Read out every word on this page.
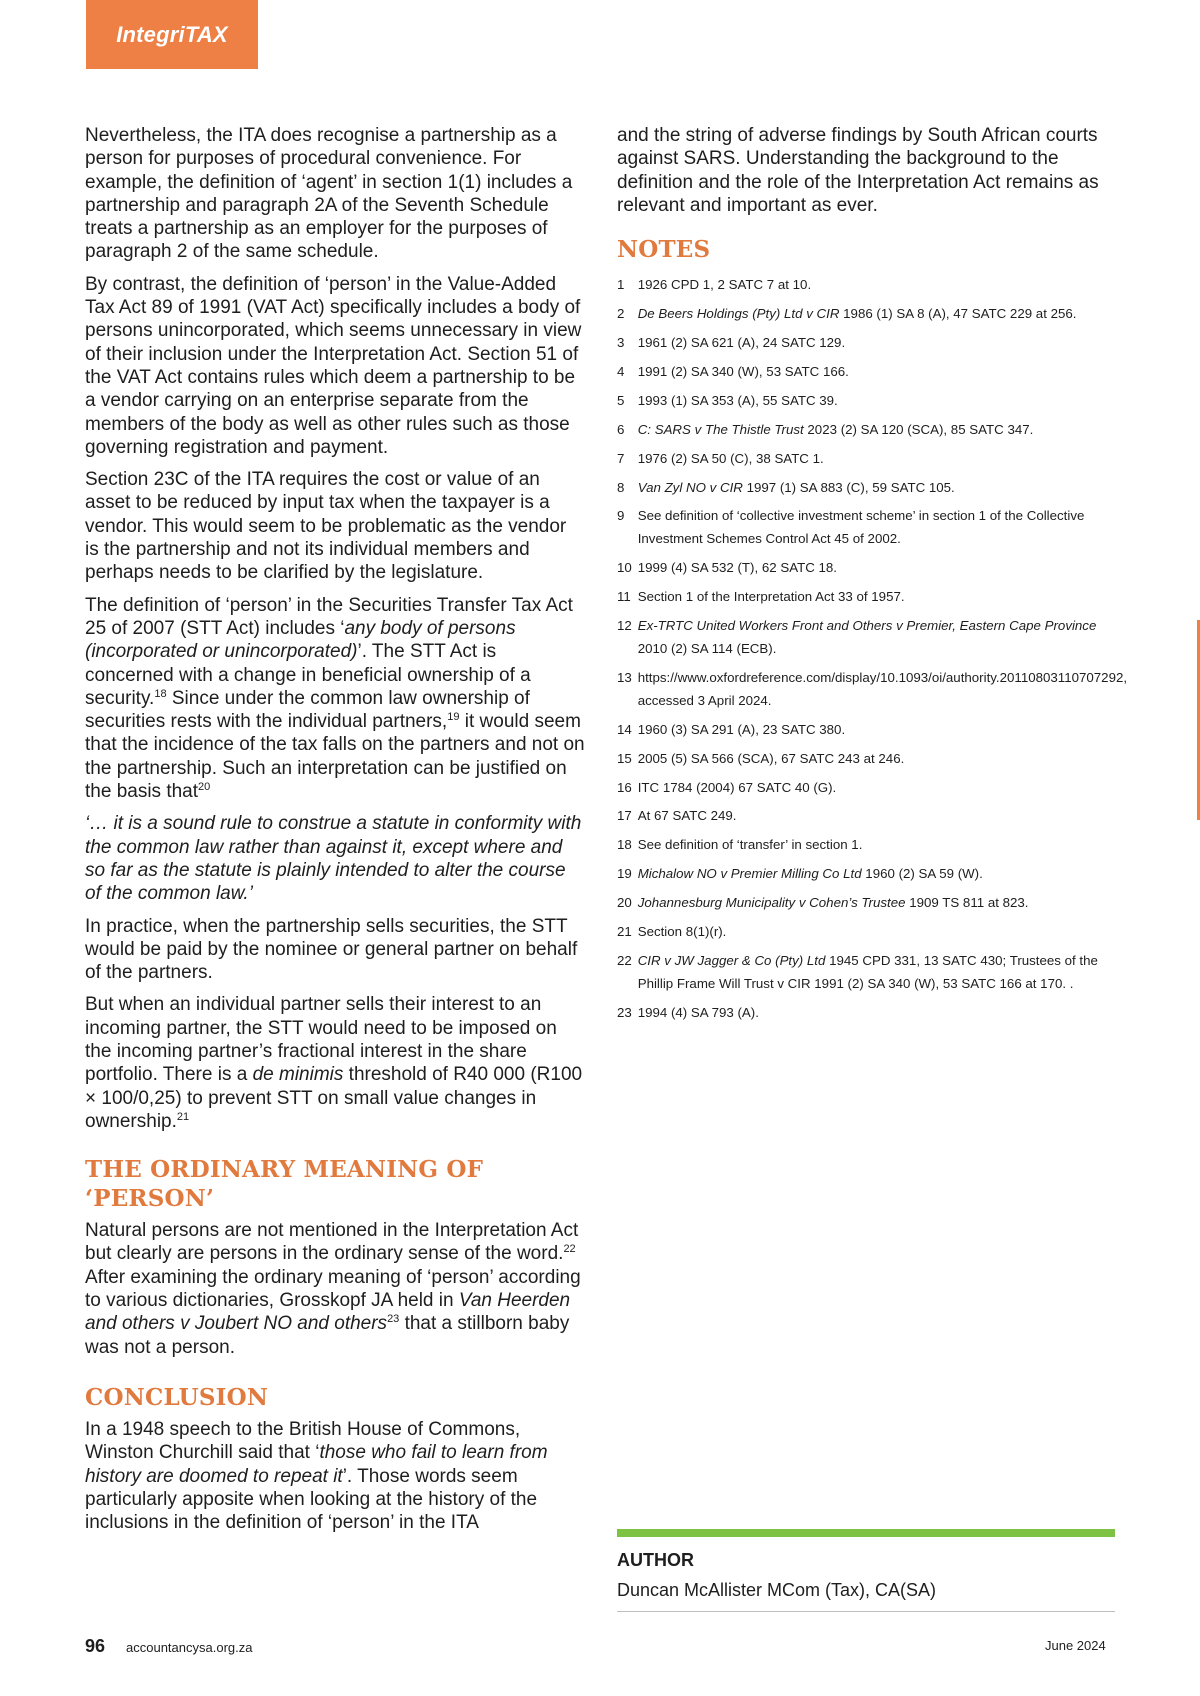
IntegriTAX

Nevertheless, the ITA does recognise a partnership as a person for purposes of procedural convenience. For example, the definition of ‘agent’ in section 1(1) includes a partnership and paragraph 2A of the Seventh Schedule treats a partnership as an employer for the purposes of paragraph 2 of the same schedule.

By contrast, the definition of ‘person’ in the Value-Added Tax Act 89 of 1991 (VAT Act) specifically includes a body of persons unincorporated, which seems unnecessary in view of their inclusion under the Interpretation Act. Section 51 of the VAT Act contains rules which deem a partnership to be a vendor carrying on an enterprise separate from the members of the body as well as other rules such as those governing registration and payment.

Section 23C of the ITA requires the cost or value of an asset to be reduced by input tax when the taxpayer is a vendor. This would seem to be problematic as the vendor is the partnership and not its individual members and perhaps needs to be clarified by the legislature.

The definition of ‘person’ in the Securities Transfer Tax Act 25 of 2007 (STT Act) includes ‘any body of persons (incorporated or unincorporated)’. The STT Act is concerned with a change in beneficial ownership of a security.$^{18}$ Since under the common law ownership of securities rests with the individual partners,$^{19}$ it would seem that the incidence of the tax falls on the partners and not on the partnership. Such an interpretation can be justified on the basis that$^{20}$

‘… it is a sound rule to construe a statute in conformity with the common law rather than against it, except where and so far as the statute is plainly intended to alter the course of the common law.’

In practice, when the partnership sells securities, the STT would be paid by the nominee or general partner on behalf of the partners.

But when an individual partner sells their interest to an incoming partner, the STT would need to be imposed on the incoming partner’s fractional interest in the share portfolio. There is a de minimis threshold of R40 000 (R100 × 100/0,25) to prevent STT on small value changes in ownership.$^{21}$

THE ORDINARY MEANING OF ‘PERSON’

Natural persons are not mentioned in the Interpretation Act but clearly are persons in the ordinary sense of the word.$^{22}$ After examining the ordinary meaning of ‘person’ according to various dictionaries, Grosskopf JA held in Van Heerden and others v Joubert NO and others$^{23}$ that a stillborn baby was not a person.

CONCLUSION

In a 1948 speech to the British House of Commons, Winston Churchill said that ‘those who fail to learn from history are doomed to repeat it’. Those words seem particularly apposite when looking at the history of the inclusions in the definition of ‘person’ in the ITA

and the string of adverse findings by South African courts against SARS. Understanding the background to the definition and the role of the Interpretation Act remains as relevant and important as ever.

NOTES
1
1926 CPD 1, 2 SATC 7 at 10.
2
De Beers Holdings (Pty) Ltd v CIR 1986 (1) SA 8 (A), 47 SATC 229 at 256.
3
1961 (2) SA 621 (A), 24 SATC 129.
4
1991 (2) SA 340 (W), 53 SATC 166.
5
1993 (1) SA 353 (A), 55 SATC 39.
6
C: SARS v The Thistle Trust 2023 (2) SA 120 (SCA), 85 SATC 347.
7
1976 (2) SA 50 (C), 38 SATC 1.
8
Van Zyl NO v CIR 1997 (1) SA 883 (C), 59 SATC 105.
9
See definition of ‘collective investment scheme’ in section 1 of the Collective Investment Schemes Control Act 45 of 2002.
10
1999 (4) SA 532 (T), 62 SATC 18.
11
Section 1 of the Interpretation Act 33 of 1957.
12
Ex-TRTC United Workers Front and Others v Premier, Eastern Cape Province 2010 (2) SA 114 (ECB).
13
https://www.oxfordreference.com/display/10.1093/oi/authority.20110803110707292, accessed 3 April 2024.
14
1960 (3) SA 291 (A), 23 SATC 380.
15
2005 (5) SA 566 (SCA), 67 SATC 243 at 246.
16
ITC 1784 (2004) 67 SATC 40 (G).
17
At 67 SATC 249.
18
See definition of ‘transfer’ in section 1.
19
Michalow NO v Premier Milling Co Ltd 1960 (2) SA 59 (W).
20
Johannesburg Municipality v Cohen’s Trustee 1909 TS 811 at 823.
21
Section 8(1)(r).
22
CIR v JW Jagger & Co (Pty) Ltd 1945 CPD 331, 13 SATC 430; Trustees of the Phillip Frame Will Trust v CIR 1991 (2) SA 340 (W), 53 SATC 166 at 170. .
23
1994 (4) SA 793 (A).
AUTHOR
Duncan McAllister MCom (Tax), CA(SA)
96 accountancysa.org.za	June 2024
